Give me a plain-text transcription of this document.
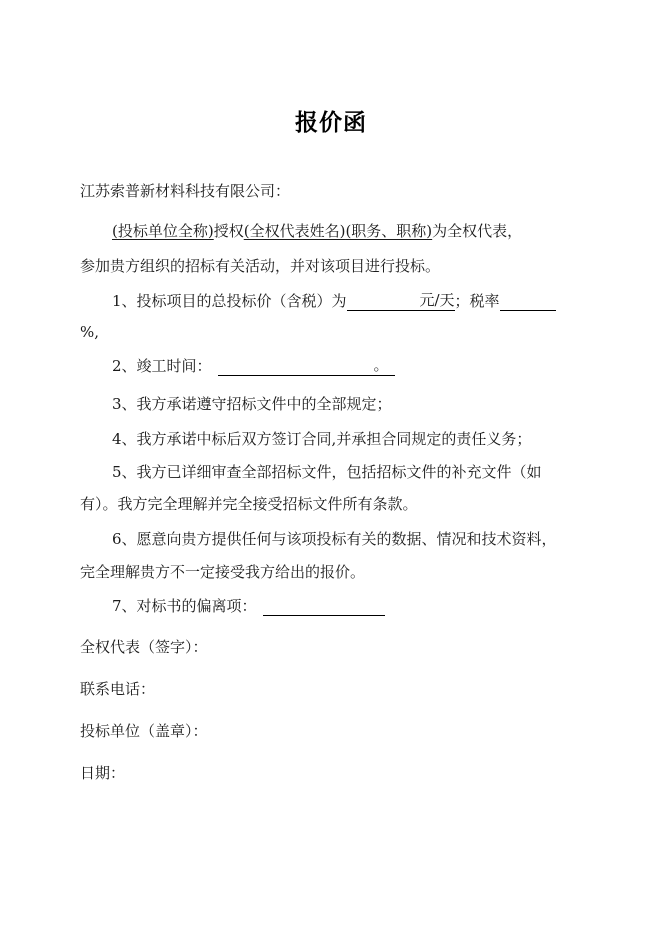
报价函
江苏索普新材料科技有限公司：
(投标单位全称)授权(全权代表姓名)(职务、职称)为全权代表，
参加贵方组织的招标有关活动，并对该项目进行投标。
1、投标项目的总投标价（含税）为	元/天 ；税率
%,
2、竣工时间：	。
3、我方承诺遵守招标文件中的全部规定；
4、我方承诺中标后双方签订合同,并承担合同规定的责任义务；
5、我方已详细审查全部招标文件，包括招标文件的补充文件（如
有）。我方完全理解并完全接受招标文件所有条款。
6、愿意向贵方提供任何与该项投标有关的数据、情况和技术资料，
完全理解贵方不一定接受我方给出的报价。
7、对标书的偏离项：
全权代表（签字）：
联系电话：
投标单位（盖章）：
日期：
